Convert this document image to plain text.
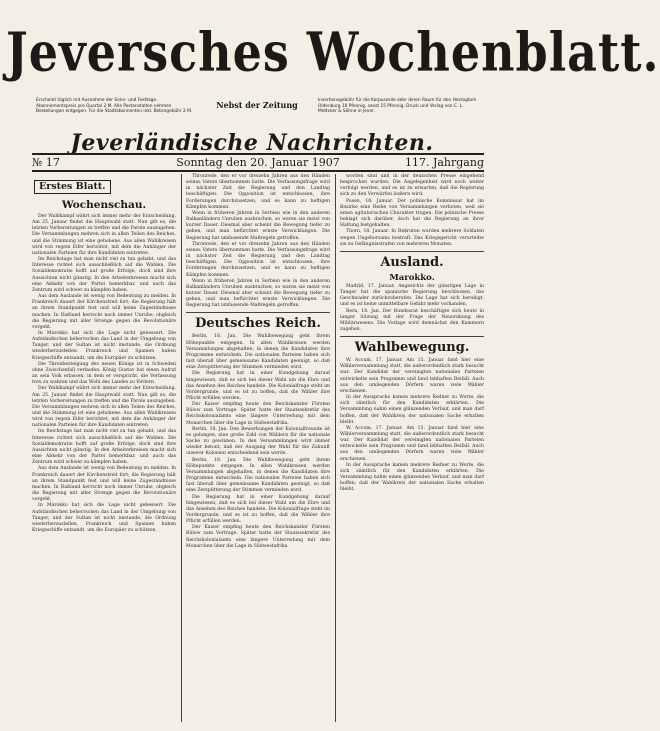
Jeversches Wochenblatt.
Erscheint täglich mit Ausnahme der Sonn- und Festtage. Abonnementspreis pro Quartal 2 M. Alle Postanstalten nehmen Bestellungen entgegen. Für die Stadtabonnenten inkl. Botengebühr 2 M.
Nebst der Zeitung	Insertionsgebühr für die Korpuszeile oder deren Raum für den Herzogtum Oldenburg 10 Pfennig, sonst 15 Pfennig. Druck und Verlag von C. L. Mettcker & Söhne in Jever.
Jeverländische Nachrichten.
№ 17	Sonntag den 20. Januar 1907	117. Jahrgang
Erstes Blatt.
Wochenschau.

Der Wahlkampf währt sich immer mehr der Entscheidung. Am 25. Januar findet die Hauptwahl statt. Nun gilt es, die letzten Vorbereitungen zu treffen und die Parole auszugeben. Die Versammlungen mehren sich in allen Teilen des Reiches, und die Stimmung ist eine gehobene. Aus allen Wahlkreisen wird von regem Eifer berichtet, mit dem die Anhänger der nationalen Parteien für ihre Kandidaten eintreten.

Im Reichstage hat man nicht viel zu tun gehabt, und das Interesse richtet sich ausschließlich auf die Wahlen. Die Sozialdemokratie hofft auf große Erfolge, doch sind ihre Aussichten nicht günstig. In den Arbeiterkreisen macht sich eine Abkehr von der Partei bemerkbar, und auch das Zentrum wird schwer zu kämpfen haben.

Aus dem Auslande ist wenig von Bedeutung zu melden. In Frankreich dauert der Kirchenstreit fort; die Regierung hält an ihrem Standpunkt fest und will keine Zugeständnisse machen. In Rußland herrscht noch immer Unruhe, obgleich die Regierung mit aller Strenge gegen die Revolutionäre vorgeht.

In Marokko hat sich die Lage nicht gebessert. Die Aufständischen beherrschen das Land in der Umgebung von Tanger, und der Sultan ist nicht imstande, die Ordnung wiederherzustellen. Frankreich und Spanien haben Kriegsschiffe entsandt, um die Europäer zu schützen.

Die Thronbesteigung des neuen Königs ist in Schweden ohne Zwischenfall verlaufen. König Gustav hat einen Aufruf an sein Volk erlassen, in dem er verspricht, die Verfassung treu zu wahren und das Wohl des Landes zu fördern.

Der Wahlkampf währt sich immer mehr der Entscheidung. Am 25. Januar findet die Hauptwahl statt. Nun gilt es, die letzten Vorbereitungen zu treffen und die Parole auszugeben. Die Versammlungen mehren sich in allen Teilen des Reiches, und die Stimmung ist eine gehobene. Aus allen Wahlkreisen wird von regem Eifer berichtet, mit dem die Anhänger der nationalen Parteien für ihre Kandidaten eintreten.

Im Reichstage hat man nicht viel zu tun gehabt, und das Interesse richtet sich ausschließlich auf die Wahlen. Die Sozialdemokratie hofft auf große Erfolge, doch sind ihre Aussichten nicht günstig. In den Arbeiterkreisen macht sich eine Abkehr von der Partei bemerkbar, und auch das Zentrum wird schwer zu kämpfen haben.

Aus dem Auslande ist wenig von Bedeutung zu melden. In Frankreich dauert der Kirchenstreit fort; die Regierung hält an ihrem Standpunkt fest und will keine Zugeständnisse machen. In Rußland herrscht noch immer Unruhe, obgleich die Regierung mit aller Strenge gegen die Revolutionäre vorgeht.

In Marokko hat sich die Lage nicht gebessert. Die Aufständischen beherrschen das Land in der Umgebung von Tanger, und der Sultan ist nicht imstande, die Ordnung wiederherzustellen. Frankreich und Spanien haben Kriegsschiffe entsandt, um die Europäer zu schützen.

Thronrede, den er vor dreizehn Jahren aus den Händen seines Vaters übernommen hatte. Die Verfassungsfrage wird in nächster Zeit die Regierung und den Landtag beschäftigen. Die Opposition ist entschlossen, ihre Forderungen durchzusetzen, und es kann zu heftigen Kämpfen kommen.

Wenn in früheren Jahren in Serbien wie in den anderen Balkanländern Unruhen ausbrachen, so waren sie meist von kurzer Dauer. Diesmal aber scheint die Bewegung tiefer zu gehen, und man befürchtet ernste Verwicklungen. Die Regierung hat umfassende Maßregeln getroffen.

Thronrede, den er vor dreizehn Jahren aus den Händen seines Vaters übernommen hatte. Die Verfassungsfrage wird in nächster Zeit die Regierung und den Landtag beschäftigen. Die Opposition ist entschlossen, ihre Forderungen durchzusetzen, und es kann zu heftigen Kämpfen kommen.

Wenn in früheren Jahren in Serbien wie in den anderen Balkanländern Unruhen ausbrachen, so waren sie meist von kurzer Dauer. Diesmal aber scheint die Bewegung tiefer zu gehen, und man befürchtet ernste Verwicklungen. Die Regierung hat umfassende Maßregeln getroffen.

Deutsches Reich.

Berlin, 18. Jan. Die Wahlbewegung geht ihrem Höhepunkte entgegen. In allen Wahlkreisen werden Versammlungen abgehalten, in denen die Kandidaten ihre Programme entwickeln. Die nationalen Parteien haben sich fast überall über gemeinsame Kandidaten geeinigt, so daß eine Zersplitterung der Stimmen vermieden wird.

Die Regierung hat in einer Kundgebung darauf hingewiesen, daß es sich bei dieser Wahl um die Ehre und das Ansehen des Reiches handele. Die Kolonialfrage steht im Vordergrunde, und es ist zu hoffen, daß die Wähler ihre Pflicht erfüllen werden.

Der Kaiser empfing heute den Reichskanzler Fürsten Bülow zum Vortrage. Später hatte der Staatssekretär des Reichskolonialamts eine längere Unterredung mit dem Monarchen über die Lage in Südwestafrika.

Berlin, 18. Jan. Den Bewerbungen der Kolonialfreunde ist es gelungen, eine große Zahl von Wählern für die nationale Sache zu gewinnen. In den Versammlungen wird immer wieder betont, daß der Ausgang der Wahl für die Zukunft unserer Kolonien entscheidend sein werde.

Berlin, 18. Jan. Die Wahlbewegung geht ihrem Höhepunkte entgegen. In allen Wahlkreisen werden Versammlungen abgehalten, in denen die Kandidaten ihre Programme entwickeln. Die nationalen Parteien haben sich fast überall über gemeinsame Kandidaten geeinigt, so daß eine Zersplitterung der Stimmen vermieden wird.

Die Regierung hat in einer Kundgebung darauf hingewiesen, daß es sich bei dieser Wahl um die Ehre und das Ansehen des Reiches handele. Die Kolonialfrage steht im Vordergrunde, und es ist zu hoffen, daß die Wähler ihre Pflicht erfüllen werden.

Der Kaiser empfing heute den Reichskanzler Fürsten Bülow zum Vortrage. Später hatte der Staatssekretär des Reichskolonialamts eine längere Unterredung mit dem Monarchen über die Lage in Südwestafrika.

worden sind und in der deutschen Presse eingehend besprochen wurden. Die Angelegenheit wird noch weiter verfolgt werden, und es ist zu erwarten, daß die Regierung sich zu den Vorwürfen äußern wird.

Posen, 18. Januar. Der polnische Kommissar hat im Bezirke eine Reihe von Versammlungen verboten, weil sie einen agitatorischen Charakter trugen. Die polnische Presse beklagt sich darüber, doch hat die Regierung an ihrer Haltung festgehalten.

Thorn, 18. Januar. In Rekruten wurden mehrere Soldaten wegen Ungehorsams bestraft. Das Kriegsgericht verurteilte sie zu Gefängnisstrafen von mehreren Monaten.

Ausland.
Marokko.

Madrid, 17. Januar. Angesichts der günstigen Lage in Tanger hat die spanische Regierung beschlossen, das Geschwader zurückzuberufen. Die Lage hat sich beruhigt, und es ist keine unmittelbare Gefahr mehr vorhanden.

Bern, 18. Jan. Der Bundesrat beschäftigte sich heute in langer Sitzung mit der Frage der Neuordnung des Militärwesens. Die Vorlage wird demnächst den Kammern zugehen.

Wahlbewegung.

W. Accum, 17. Januar. Am 15. Januar fand hier eine Wählerversammlung statt, die außerordentlich stark besucht war. Der Kandidat der vereinigten nationalen Parteien entwickelte sein Programm und fand lebhaften Beifall. Auch aus den umliegenden Dörfern waren viele Wähler erschienen.

In der Aussprache kamen mehrere Redner zu Worte, die sich sämtlich für den Kandidaten erklärten. Die Versammlung nahm einen glänzenden Verlauf, und man darf hoffen, daß der Wahlkreis der nationalen Sache erhalten bleibt.

W. Accum, 17. Januar. Am 15. Januar fand hier eine Wählerversammlung statt, die außerordentlich stark besucht war. Der Kandidat der vereinigten nationalen Parteien entwickelte sein Programm und fand lebhaften Beifall. Auch aus den umliegenden Dörfern waren viele Wähler erschienen.

In der Aussprache kamen mehrere Redner zu Worte, die sich sämtlich für den Kandidaten erklärten. Die Versammlung nahm einen glänzenden Verlauf, und man darf hoffen, daß der Wahlkreis der nationalen Sache erhalten bleibt.
